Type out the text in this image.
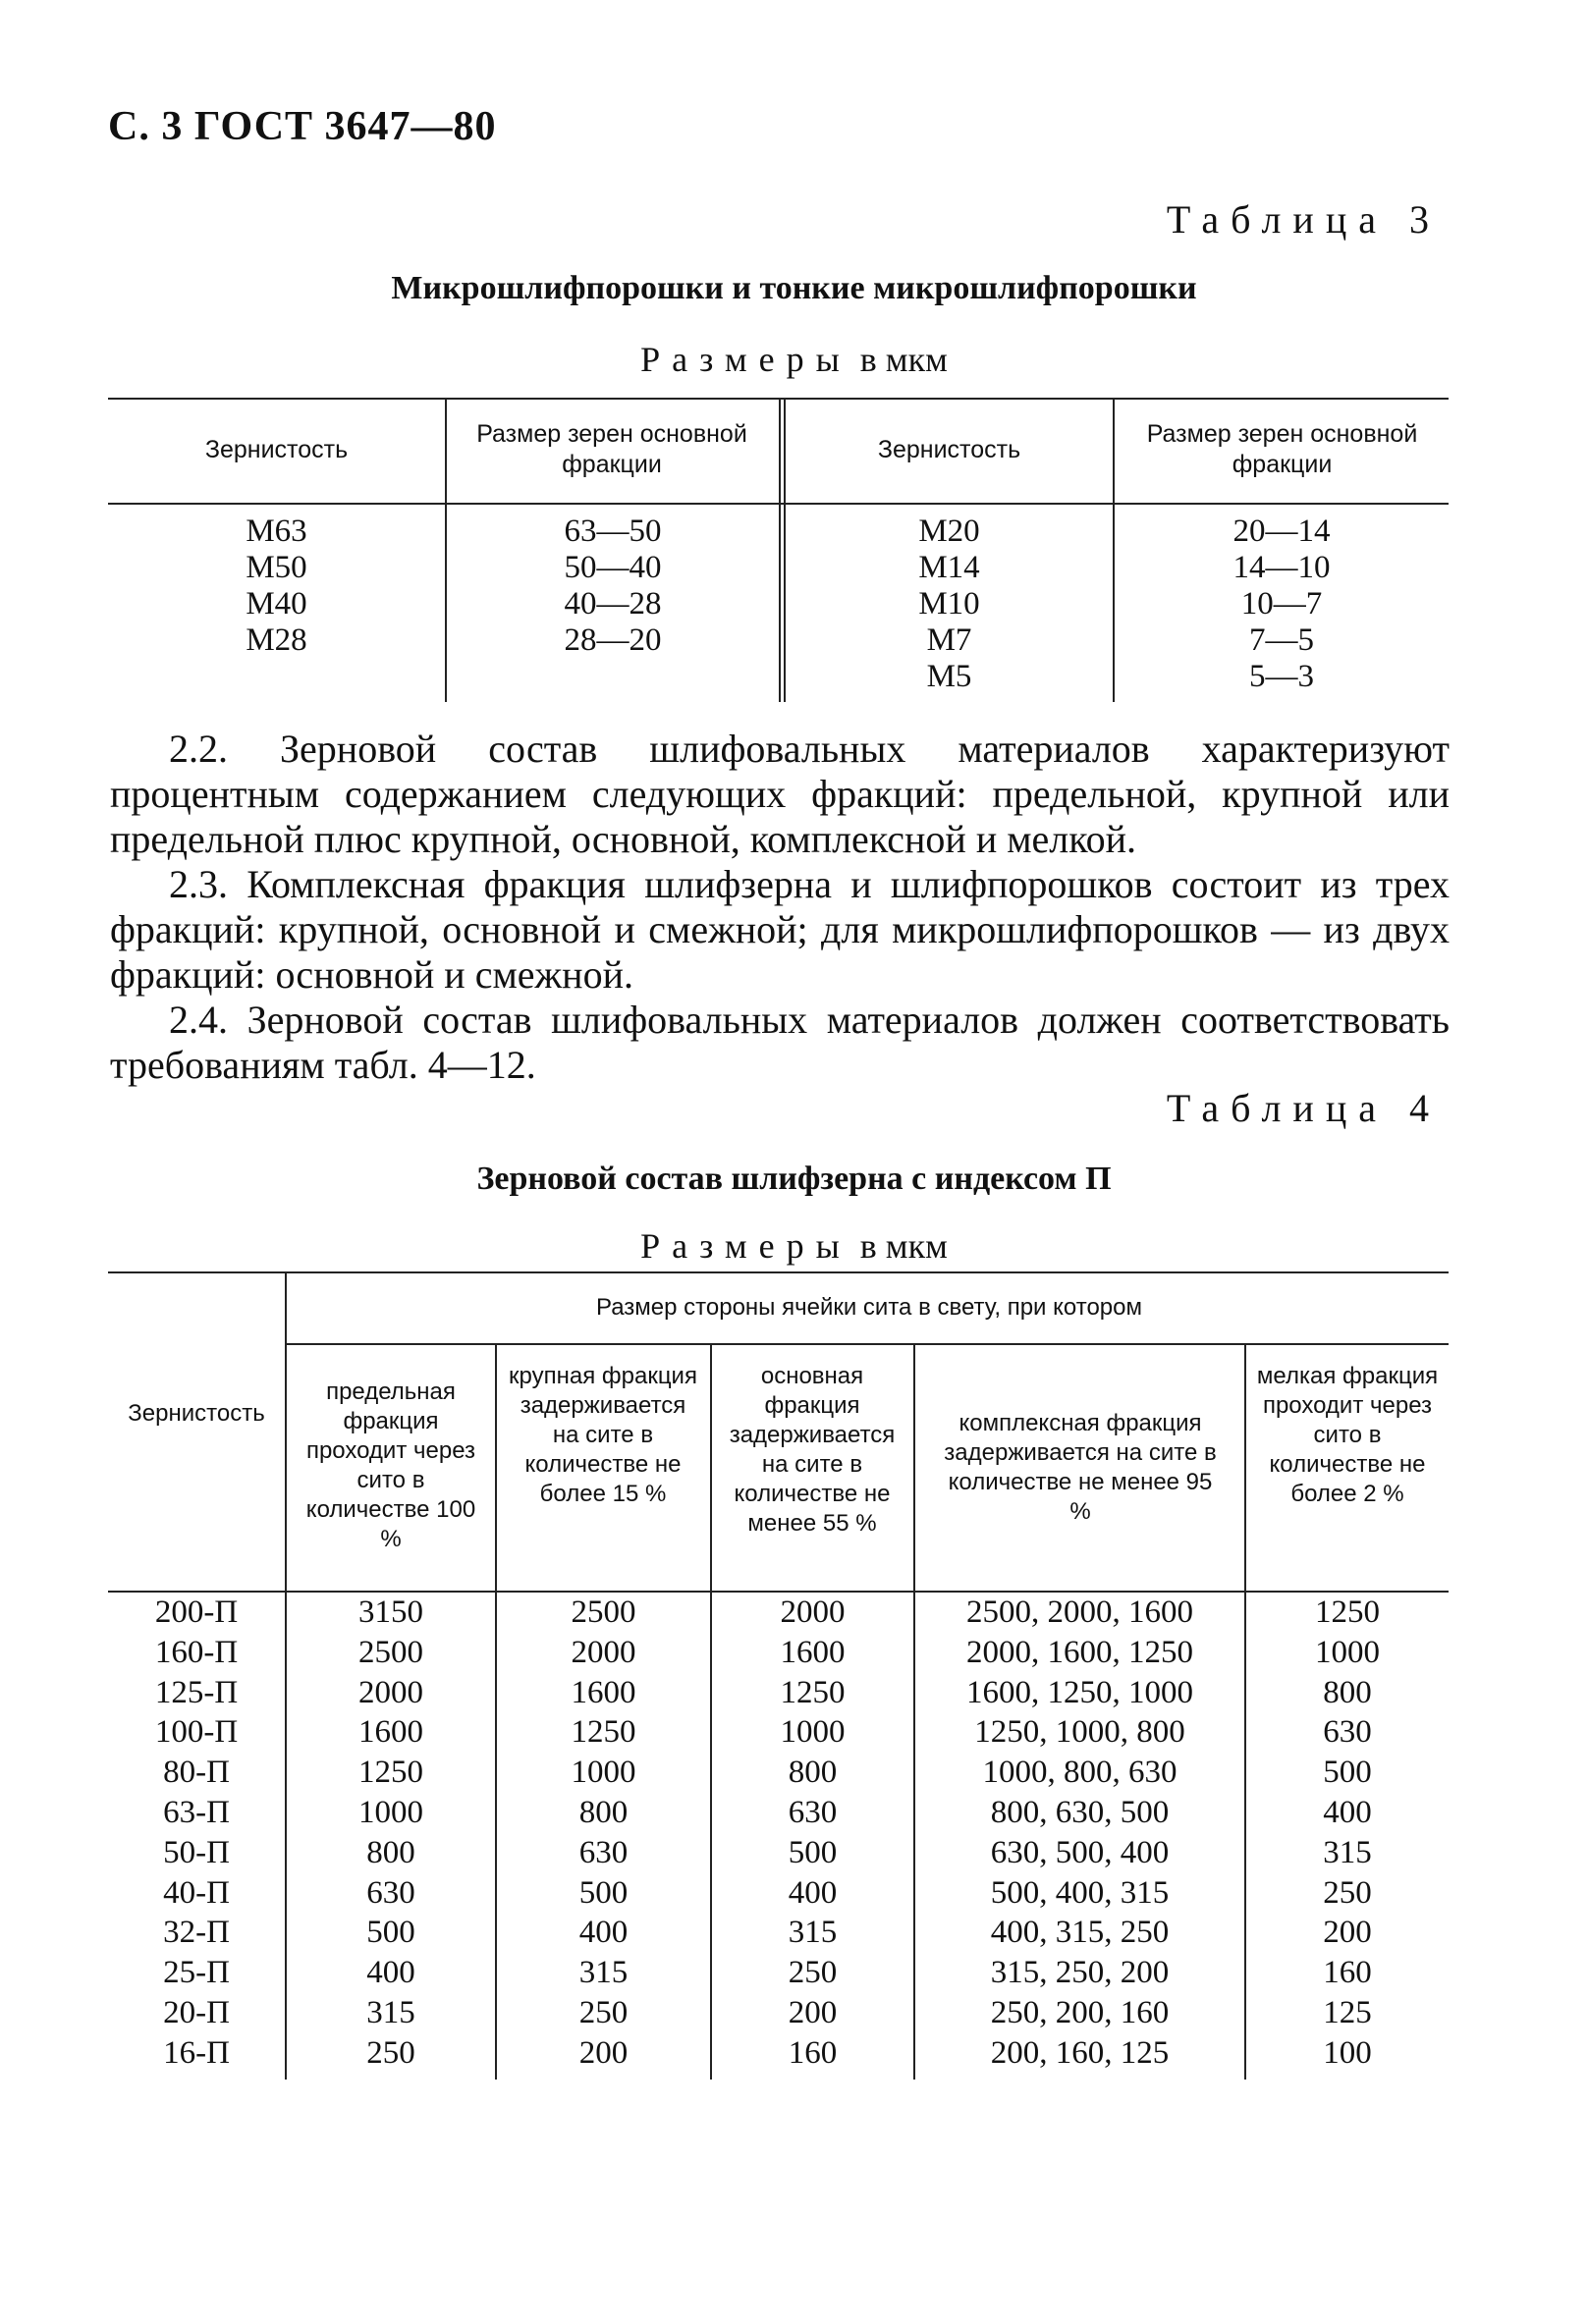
С. 3 ГОСТ 3647—80
Таблица 3
Микрошлифпорошки и тонкие микрошлифпорошки
Размеры в мкм
Зернистость
Размер зерен основной фракции
Зернистость
Размер зерен основной фракции
М63
М50
М40
М28
63—50
50—40
40—28
28—20
М20
М14
М10
М7
М5
20—14
14—10
10—7
7—5
5—3

2.2. Зерновой состав шлифовальных материалов характеризуют процентным содержанием следующих фракций: предельной, крупной или предельной плюс крупной, основной, комплексной и мелкой.

2.3. Комплексная фракция шлифзерна и шлифпорошков состоит из трех фракций: крупной, основной и смежной; для микрошлифпорошков — из двух фракций: основной и смежной.

2.4. Зерновой состав шлифовальных материалов должен соответствовать требованиям табл. 4—12.

Таблица 4
Зерновой состав шлифзерна с индексом П
Размеры в мкм
Размер стороны ячейки сита в свету, при котором
Зернистость
предельная фракция проходит через сито в количестве 100 %
крупная фракция задерживается на сите в количестве не более 15 %
основная фракция задерживается на сите в количестве не менее 55 %
комплексная фракция задерживается на сите в количестве не менее 95 %
мелкая фракция проходит через сито в количестве не более 2 %
200-П
160-П
125-П
100-П
80-П
63-П
50-П
40-П
32-П
25-П
20-П
16-П
3150
2500
2000
1600
1250
1000
800
630
500
400
315
250
2500
2000
1600
1250
1000
800
630
500
400
315
250
200
2000
1600
1250
1000
800
630
500
400
315
250
200
160
2500, 2000, 1600
2000, 1600, 1250
1600, 1250, 1000
1250, 1000, 800
1000, 800, 630
800, 630, 500
630, 500, 400
500, 400, 315
400, 315, 250
315, 250, 200
250, 200, 160
200, 160, 125
1250
1000
800
630
500
400
315
250
200
160
125
100
